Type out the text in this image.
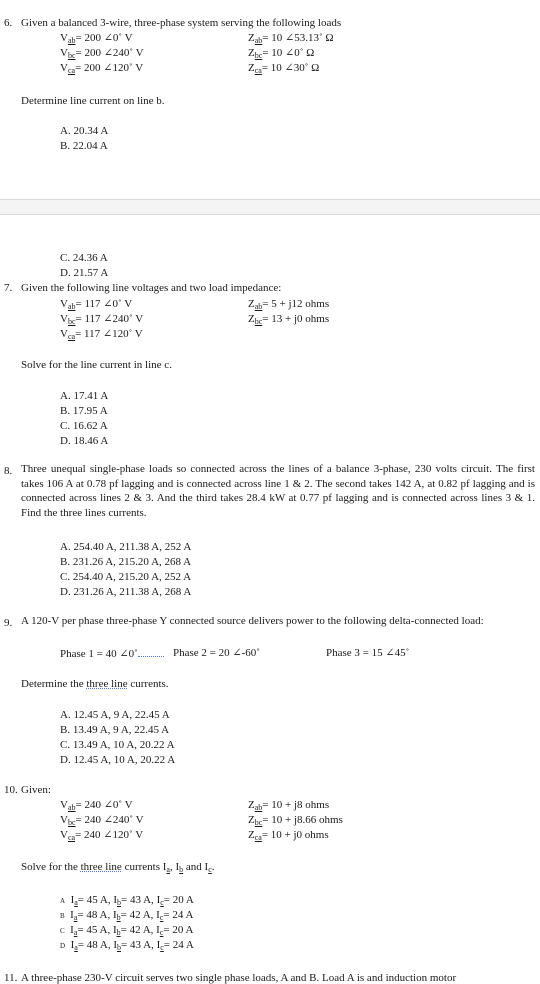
6. Given a balanced 3-wire, three-phase system serving the following loads
$V_{ab}= 200$ ∠0˚ V
$V_{bc}= 200$ ∠240˚ V
$V_{ca}= 200$ ∠120˚ V
$Z_{ab}= 10$ ∠53.13˚ Ω
$Z_{bc}= 10$ ∠0˚ Ω
$Z_{ca}= 10$ ∠30˚ Ω
Determine line current on line b.
A. 20.34 A
B. 22.04 A
C. 24.36 A
D. 21.57 A
7. Given the following line voltages and two load impedance:
$V_{ab}= 117$ ∠0˚ V
$V_{bc}= 117$ ∠240˚ V
$V_{ca}= 117$ ∠120˚ V
$Z_{ab}= 5 + j12$ ohms
$Z_{bc}= 13 + j0$ ohms
Solve for the line current in line c.
A. 17.41 A
B. 17.95 A
C. 16.62 A
D. 18.46 A
8. Three unequal single-phase loads so connected across the lines of a balance 3-phase, 230 volts circuit. The first takes 106 A at 0.78 pf lagging and is connected across line 1 & 2. The second takes 142 A, at 0.82 pf lagging and is connected across lines 2 & 3. And the third takes 28.4 kW at 0.77 pf lagging and is connected across lines 3 & 1. Find the three lines currents.
A. 254.40 A, 211.38 A, 252 A
B. 231.26 A, 215.20 A, 268 A
C. 254.40 A, 215.20 A, 252 A
D. 231.26 A, 211.38 A, 268 A
9. A 120-V per phase three-phase Y connected source delivers power to the following delta-connected load:
Phase 1 = 40 ∠0˚	Phase 2 = 20 ∠-60˚	Phase 3 = 15 ∠45˚
Determine the three line currents.
A. 12.45 A, 9 A, 22.45 A
B. 13.49 A, 9 A, 22.45 A
C. 13.49 A, 10 A, 20.22 A
D. 12.45 A, 10 A, 20.22 A
10. Given:
$V_{ab}= 240$ ∠0˚ V
$V_{bc}= 240$ ∠240˚ V
$V_{ca}= 240$ ∠120˚ V
$Z_{ab}= 10 + j8$ ohms
$Z_{bc}= 10 + j8.66$ ohms
$Z_{ca}= 10 + j0$ ohms
Solve for the three line currents $I_a$, $I_b$ and $I_c$.
A $I_a= 45$ A, $I_b= 43$ A, $I_c= 20$ A
B $I_a= 48$ A, $I_b= 42$ A, $I_c= 24$ A
C $I_a= 45$ A, $I_b= 42$ A, $I_c= 20$ A
D $I_a= 48$ A, $I_b= 43$ A, $I_c= 24$ A
11. A three-phase 230-V circuit serves two single phase loads, A and B. Load A is and induction motor
